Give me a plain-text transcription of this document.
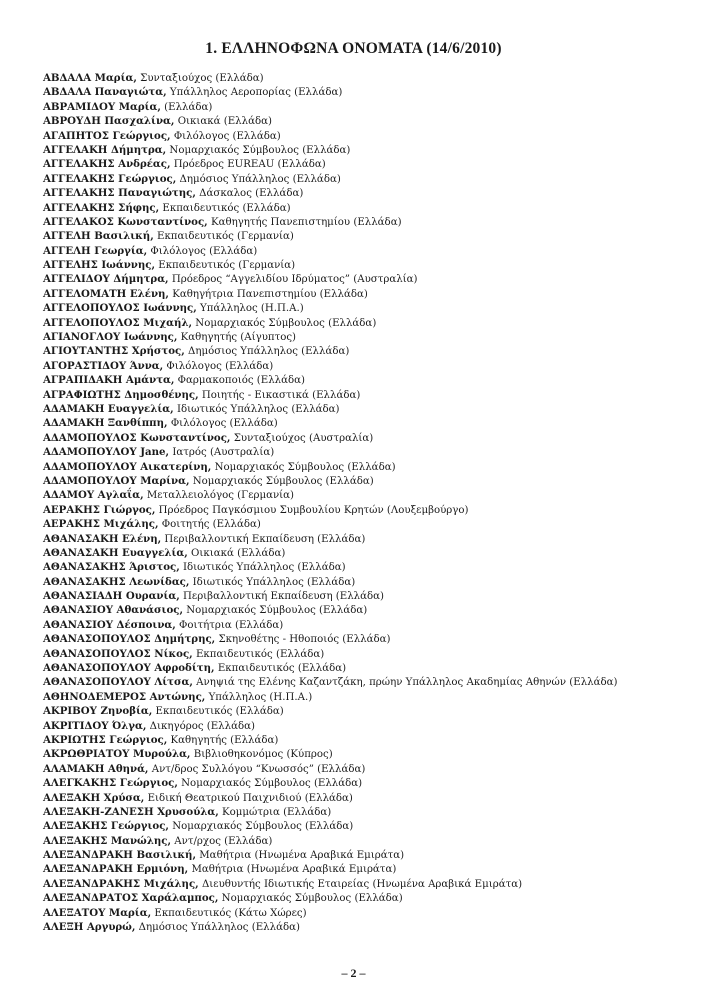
1. ΕΛΛΗΝΟΦΩΝΑ ΟΝΟΜΑΤΑ (14/6/2010)
ΑΒΔΑΛΑ Μαρία, Συνταξιούχος (Ελλάδα)
ΑΒΔΑΛΑ Παναγιώτα, Υπάλληλος Αεροπορίας (Ελλάδα)
ΑΒΡΑΜΙΔΟΥ Μαρία, (Ελλάδα)
ΑΒΡΟΥΔΗ Πασχαλίνα, Οικιακά (Ελλάδα)
ΑΓΑΠΗΤΟΣ Γεώργιος, Φιλόλογος (Ελλάδα)
ΑΓΓΕΛΑΚΗ Δήμητρα, Νομαρχιακός Σύμβουλος (Ελλάδα)
ΑΓΓΕΛΑΚΗΣ Ανδρέας, Πρόεδρος EUREAU (Ελλάδα)
ΑΓΓΕΛΑΚΗΣ Γεώργιος, Δημόσιος Υπάλληλος (Ελλάδα)
ΑΓΓΕΛΑΚΗΣ Παναγιώτης, Δάσκαλος (Ελλάδα)
ΑΓΓΕΛΑΚΗΣ Σήφης, Εκπαιδευτικός (Ελλάδα)
ΑΓΓΕΛΑΚΟΣ Κωνσταντίνος, Καθηγητής Πανεπιστημίου (Ελλάδα)
ΑΓΓΕΛΗ Βασιλική, Εκπαιδευτικός (Γερμανία)
ΑΓΓΕΛΗ Γεωργία, Φιλόλογος (Ελλάδα)
ΑΓΓΕΛΗΣ Ιωάννης, Εκπαιδευτικός (Γερμανία)
ΑΓΓΕΛΙΔΟΥ Δήμητρα, Πρόεδρος “Αγγελιδίου Ιδρύματος” (Αυστραλία)
ΑΓΓΕΛΟΜΑΤΗ Ελένη, Καθηγήτρια Πανεπιστημίου (Ελλάδα)
ΑΓΓΕΛΟΠΟΥΛΟΣ Ιωάννης, Υπάλληλος (Η.Π.Α.)
ΑΓΓΕΛΟΠΟΥΛΟΣ Μιχαήλ, Νομαρχιακός Σύμβουλος (Ελλάδα)
ΑΓΙΑΝΟΓΛΟΥ Ιωάννης, Καθηγητής (Αίγυπτος)
ΑΓΙΟΥΤΑΝΤΗΣ Χρήστος, Δημόσιος Υπάλληλος (Ελλάδα)
ΑΓΟΡΑΣΤΙΔΟΥ Άννα, Φιλόλογος (Ελλάδα)
ΑΓΡΑΠΙΔΑΚΗ Αμάντα, Φαρμακοποιός (Ελλάδα)
ΑΓΡΑΦΙΩΤΗΣ Δημοσθένης, Ποιητής - Εικαστικά (Ελλάδα)
ΑΔΑΜΑΚΗ Ευαγγελία, Ιδιωτικός Υπάλληλος (Ελλάδα)
ΑΔΑΜΑΚΗ Ξανθίππη, Φιλόλογος (Ελλάδα)
ΑΔΑΜΟΠΟΥΛΟΣ Κωνσταντίνος, Συνταξιούχος (Αυστραλία)
ΑΔΑΜΟΠΟΥΛΟΥ Jane, Ιατρός (Αυστραλία)
ΑΔΑΜΟΠΟΥΛΟΥ Αικατερίνη, Νομαρχιακός Σύμβουλος (Ελλάδα)
ΑΔΑΜΟΠΟΥΛΟΥ Μαρίνα, Νομαρχιακός Σύμβουλος (Ελλάδα)
ΑΔΑΜΟΥ Αγλαΐα, Μεταλλειολόγος (Γερμανία)
ΑΕΡΑΚΗΣ Γιώργος, Πρόεδρος Παγκόσμιου Συμβουλίου Κρητών (Λουξεμβούργο)
ΑΕΡΑΚΗΣ Μιχάλης, Φοιτητής (Ελλάδα)
ΑΘΑΝΑΣΑΚΗ Ελένη, Περιβαλλοντική Εκπαίδευση (Ελλάδα)
ΑΘΑΝΑΣΑΚΗ Ευαγγελία, Οικιακά (Ελλάδα)
ΑΘΑΝΑΣΑΚΗΣ Άριστος, Ιδιωτικός Υπάλληλος (Ελλάδα)
ΑΘΑΝΑΣΑΚΗΣ Λεωνίδας, Ιδιωτικός Υπάλληλος (Ελλάδα)
ΑΘΑΝΑΣΙΑΔΗ Ουρανία, Περιβαλλοντική Εκπαίδευση (Ελλάδα)
ΑΘΑΝΑΣΙΟΥ Αθανάσιος, Νομαρχιακός Σύμβουλος (Ελλάδα)
ΑΘΑΝΑΣΙΟΥ Δέσποινα, Φοιτήτρια (Ελλάδα)
ΑΘΑΝΑΣΟΠΟΥΛΟΣ Δημήτρης, Σκηνοθέτης - Ηθοποιός (Ελλάδα)
ΑΘΑΝΑΣΟΠΟΥΛΟΣ Νίκος, Εκπαιδευτικός (Ελλάδα)
ΑΘΑΝΑΣΟΠΟΥΛΟΥ Αφροδίτη, Εκπαιδευτικός (Ελλάδα)
ΑΘΑΝΑΣΟΠΟΥΛΟΥ Λίτσα, Ανηψιά της Ελένης Καζαντζάκη, πρώην Υπάλληλος Ακαδημίας Αθηνών (Ελλάδα)
ΑΘΗΝΟΔΕΜΕΡΟΣ Αντώνης, Υπάλληλος (Η.Π.Α.)
ΑΚΡΙΒΟΥ Ζηνοβία, Εκπαιδευτικός (Ελλάδα)
ΑΚΡΙΤΙΔΟΥ Όλγα, Δικηγόρος (Ελλάδα)
ΑΚΡΙΩΤΗΣ Γεώργιος, Καθηγητής (Ελλάδα)
ΑΚΡΩΘΡΙΑΤΟΥ Μυρούλα, Βιβλιοθηκονόμος (Κύπρος)
ΑΛΑΜΑΚΗ Αθηνά, Αντ/δρος Συλλόγου “Κνωσσός” (Ελλάδα)
ΑΛΕΓΚΑΚΗΣ Γεώργιος, Νομαρχιακός Σύμβουλος (Ελλάδα)
ΑΛΕΞΑΚΗ Χρύσα, Ειδική Θεατρικού Παιχνιδιού (Ελλάδα)
ΑΛΕΞΑΚΗ-ΖΑΝΕΣΗ Χρυσούλα, Κομμώτρια (Ελλάδα)
ΑΛΕΞΑΚΗΣ Γεώργιος, Νομαρχιακός Σύμβουλος (Ελλάδα)
ΑΛΕΞΑΚΗΣ Μανώλης, Αντ/ρχος (Ελλάδα)
ΑΛΕΞΑΝΔΡΑΚΗ Βασιλική, Μαθήτρια (Ηνωμένα Αραβικά Εμιράτα)
ΑΛΕΞΑΝΔΡΑΚΗ Ερμιόνη, Μαθήτρια (Ηνωμένα Αραβικά Εμιράτα)
ΑΛΕΞΑΝΔΡΑΚΗΣ Μιχάλης, Διευθυντής Ιδιωτικής Εταιρείας (Ηνωμένα Αραβικά Εμιράτα)
ΑΛΕΞΑΝΔΡΑΤΟΣ Χαράλαμπος, Νομαρχιακός Σύμβουλος (Ελλάδα)
ΑΛΕΞΑΤΟΥ Μαρία, Εκπαιδευτικός (Κάτω Χώρες)
ΑΛΕΞΗ Αργυρώ, Δημόσιος Υπάλληλος (Ελλάδα)
– 2 –
